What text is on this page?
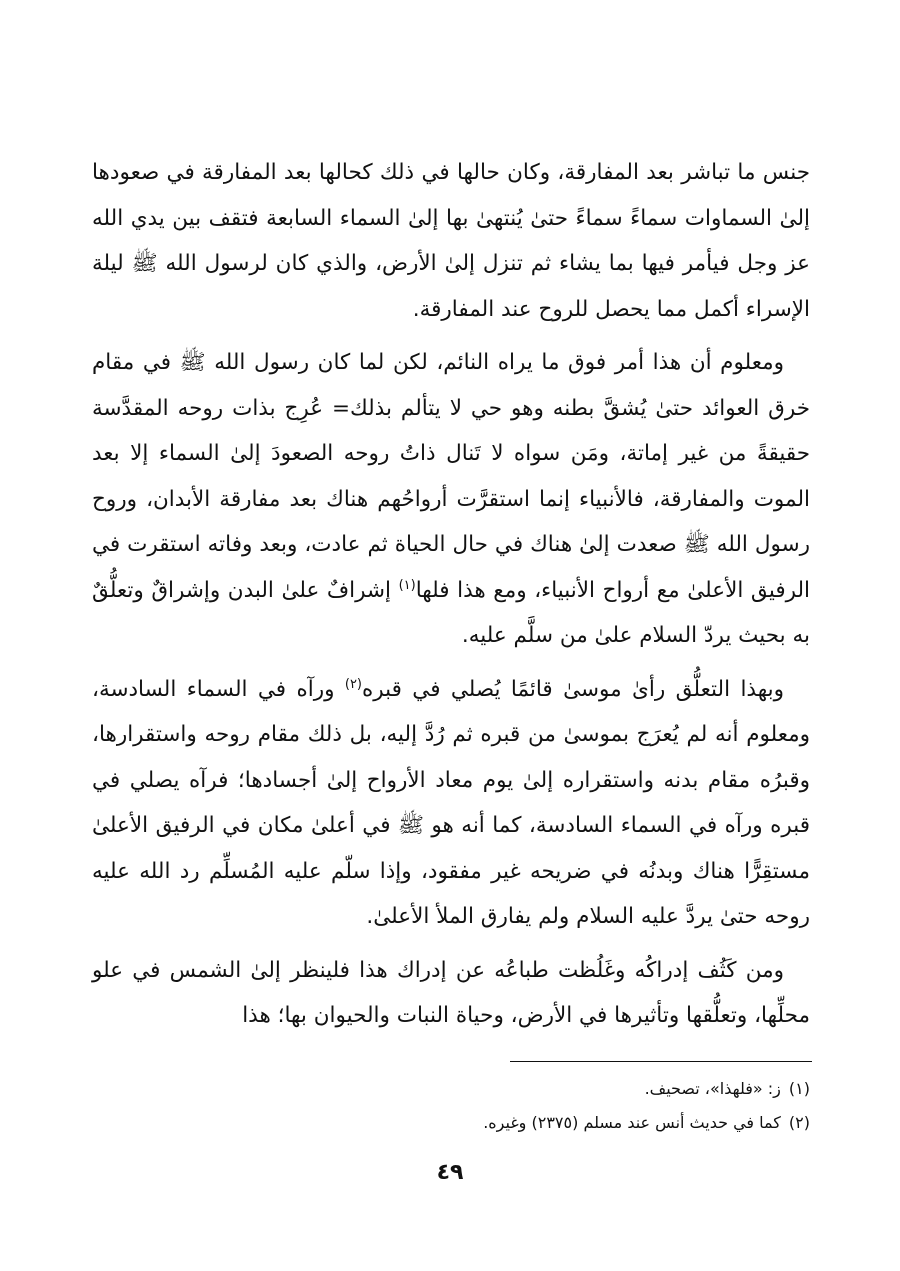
جنس ما تباشر بعد المفارقة، وكان حالها في ذلك كحالها بعد المفارقة في صعودها إلىٰ السماوات سماءً سماءً حتىٰ يُنتهىٰ بها إلىٰ السماء السابعة فتقف بين يدي الله عز وجل فيأمر فيها بما يشاء ثم تنزل إلىٰ الأرض، والذي كان لرسول الله ﷺ ليلة الإسراء أكمل مما يحصل للروح عند المفارقة.

ومعلوم أن هذا أمر فوق ما يراه النائم، لكن لما كان رسول الله ﷺ في مقام خرق العوائد حتىٰ يُشقَّ بطنه وهو حي لا يتألم بذلك= عُرِج بذات روحه المقدَّسة حقيقةً من غير إماتة، ومَن سواه لا تَنال ذاتُ روحه الصعودَ إلىٰ السماء إلا بعد الموت والمفارقة، فالأنبياء إنما استقرَّت أرواحُهم هناك بعد مفارقة الأبدان، وروح رسول الله ﷺ صعدت إلىٰ هناك في حال الحياة ثم عادت، وبعد وفاته استقرت في الرفيق الأعلىٰ مع أرواح الأنبياء، ومع هذا فلها$^{(١)}$ إشرافٌ علىٰ البدن وإشراقٌ وتعلُّقٌ به بحيث يردّ السلام علىٰ من سلَّم عليه.

وبهذا التعلُّق رأىٰ موسىٰ قائمًا يُصلي في قبره$^{(٢)}$ ورآه في السماء السادسة، ومعلوم أنه لم يُعرَج بموسىٰ من قبره ثم رُدَّ إليه، بل ذلك مقام روحه واستقرارها، وقبرُه مقام بدنه واستقراره إلىٰ يوم معاد الأرواح إلىٰ أجسادها؛ فرآه يصلي في قبره ورآه في السماء السادسة، كما أنه هو ﷺ في أعلىٰ مكان في الرفيق الأعلىٰ مستقِرًّا هناك وبدنُه في ضريحه غير مفقود، وإذا سلّم عليه المُسلِّم رد الله عليه روحه حتىٰ يردَّ عليه السلام ولم يفارق الملأ الأعلىٰ.

ومن كَثُف إدراكُه وغَلُظت طباعُه عن إدراك هذا فلينظر إلىٰ الشمس في علو محلِّها، وتعلُّقها وتأثيرها في الأرض، وحياة النبات والحيوان بها؛ هذا

(١)ز: «فلهذا»، تصحيف.
(٢)كما في حديث أنس عند مسلم (٢٣٧٥) وغيره.
٤٩
